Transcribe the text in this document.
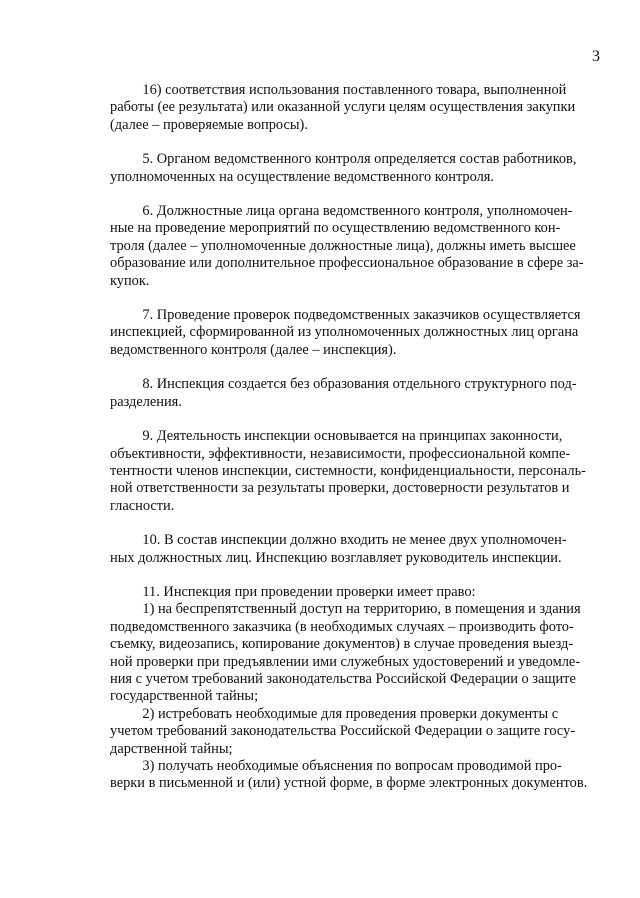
3

16) соответствия использования поставленного товара, выполненной
работы (ее результата) или оказанной услуги целям осуществления закупки
(далее – проверяемые вопросы).

5. Органом ведомственного контроля определяется состав работников,
уполномоченных на осуществление ведомственного контроля.

6. Должностные лица органа ведомственного контроля, уполномочен-
ные на проведение мероприятий по осуществлению ведомственного кон-
троля (далее – уполномоченные должностные лица), должны иметь высшее
образование или дополнительное профессиональное образование в сфере за-
купок.

7. Проведение проверок подведомственных заказчиков осуществляется
инспекцией, сформированной из уполномоченных должностных лиц органа
ведомственного контроля (далее – инспекция).

8. Инспекция создается без образования отдельного структурного под-
разделения.

9. Деятельность инспекции основывается на принципах законности,
объективности, эффективности, независимости, профессиональной компе-
тентности членов инспекции, системности, конфиденциальности, персональ-
ной ответственности за результаты проверки, достоверности результатов и
гласности.

10. В состав инспекции должно входить не менее двух уполномочен-
ных должностных лиц. Инспекцию возглавляет руководитель инспекции.

11. Инспекция при проведении проверки имеет право:

1) на беспрепятственный доступ на территорию, в помещения и здания
подведомственного заказчика (в необходимых случаях – производить фото-
съемку, видеозапись, копирование документов) в случае проведения выезд-
ной проверки при предъявлении ими служебных удостоверений и уведомле-
ния с учетом требований законодательства Российской Федерации о защите
государственной тайны;

2) истребовать необходимые для проведения проверки документы с
учетом требований законодательства Российской Федерации о защите госу-
дарственной тайны;

3) получать необходимые объяснения по вопросам проводимой про-
верки в письменной и (или) устной форме, в форме электронных документов.
